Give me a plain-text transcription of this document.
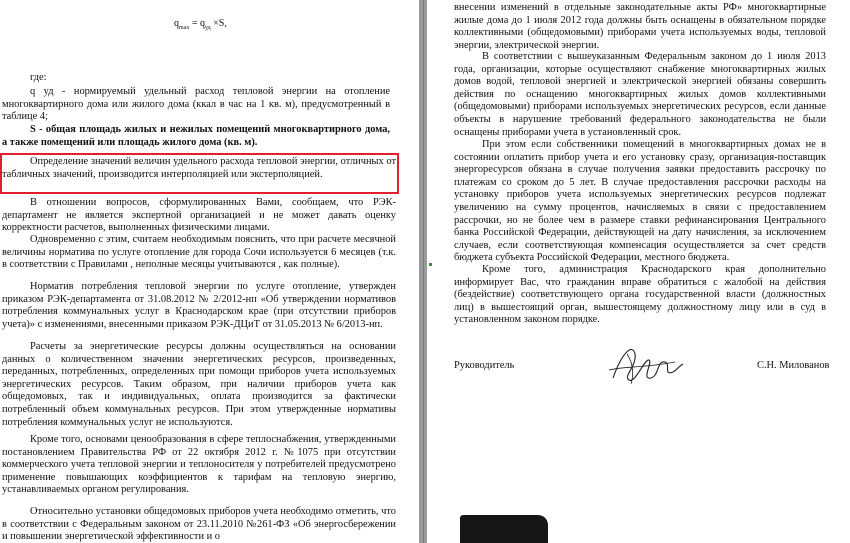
$q_{max} = q_{уд} \times S$,

где:

q уд - нормируемый удельный расход тепловой энергии на отопление многоквартирного дома или жилого дома (ккал в час на 1 кв. м), предусмотренный в таблице 4;

S - общая площадь жилых и нежилых помещений многоквартирного дома, а также помещений или площадь жилого дома (кв. м).

Определение значений величин удельного расхода тепловой энергии, отличных от табличных значений, производится интерполяцией или экстерполяцией.

В отношении вопросов, сформулированных Вами, сообщаем, что РЭК-департамент не является экспертной организацией и не может давать оценку корректности расчетов, выполненных физическими лицами.

Одновременно с этим, считаем необходимым пояснить, что при расчете месячной величины норматива по услуге отопление для города Сочи используется 6 месяцев (т.к. в соответствии с Правилами , неполные месяцы учитываются , как полные).

Норматив потребления тепловой энергии по услуге отопление, утвержден приказом РЭК-департамента от 31.08.2012 № 2/2012-нп «Об утверждении нормативов потребления коммунальных услуг в Краснодарском крае (при отсутствии приборов учета)» с изменениями, внесенными приказом РЭК-ДЦиТ от 31.05.2013 № 6/2013-нп.

Расчеты за энергетические ресурсы должны осуществляться на основании данных о количественном значении энергетических ресурсов, произведенных, переданных, потребленных, определенных при помощи приборов учета используемых энергетических ресурсов. Таким образом, при наличии приборов учета как общедомовых, так и индивидуальных, оплата производится за фактически потребленный объем коммунальных ресурсов. При этом утвержденные нормативы потребления коммунальных услуг не используются.

Кроме того, основами ценообразования в сфере теплоснабжения, утвержденными постановлением Правительства РФ от 22 октября 2012 г. №1075 при отсутствии коммерческого учета тепловой энергии и теплоносителя у потребителей предусмотрено применение повышающих коэффициентов к тарифам на тепловую энергию, устанавливаемых органом регулирования.

Относительно установки общедомовых приборов учета необходимо отметить, что в соответствии с Федеральным законом от 23.11.2010 №261-ФЗ «Об энергосбережении и повышении энергетической эффективности и о

внесении изменений в отдельные законодательные акты РФ» многоквартирные жилые дома до 1 июля 2012 года должны быть оснащены в обязательном порядке коллективными (общедомовыми) приборами учета используемых воды, тепловой энергии, электрической энергии.

В соответствии с вышеуказанным Федеральным законом до 1 июля 2013 года, организации, которые осуществляют снабжение многоквартирных жилых домов водой, тепловой энергией и электрической энергией обязаны совершить действия по оснащению многоквартирных жилых домов коллективными (общедомовыми) приборами используемых энергетических ресурсов, если данные объекты в нарушение требований федерального законодательства не были оснащены приборами учета в установленный срок.

При этом если собственники помещений в многоквартирных домах не в состоянии оплатить прибор учета и его установку сразу, организация-поставщик энергоресурсов обязана в случае получения заявки предоставить рассрочку по платежам со сроком до 5 лет. В случае предоставления рассрочки расходы на установку приборов учета используемых энергетических ресурсов подлежат увеличению на сумму процентов, начисляемых в связи с предоставлением рассрочки, но не более чем в размере ставки рефинансирования Центрального банка Российской Федерации, действующей на дату начисления, за исключением случаев, если соответствующая компенсация осуществляется за счет средств бюджета субъекта Российской Федерации, местного бюджета.

Кроме того, администрация Краснодарского края дополнительно информирует Вас, что гражданин вправе обратиться с жалобой на действия (бездействие) соответствующего органа государственной власти (должностных лиц) в вышестоящий орган, вышестоящему должностному лицу или в суд в установленном законом порядке.

Руководитель	С.Н. Милованов
